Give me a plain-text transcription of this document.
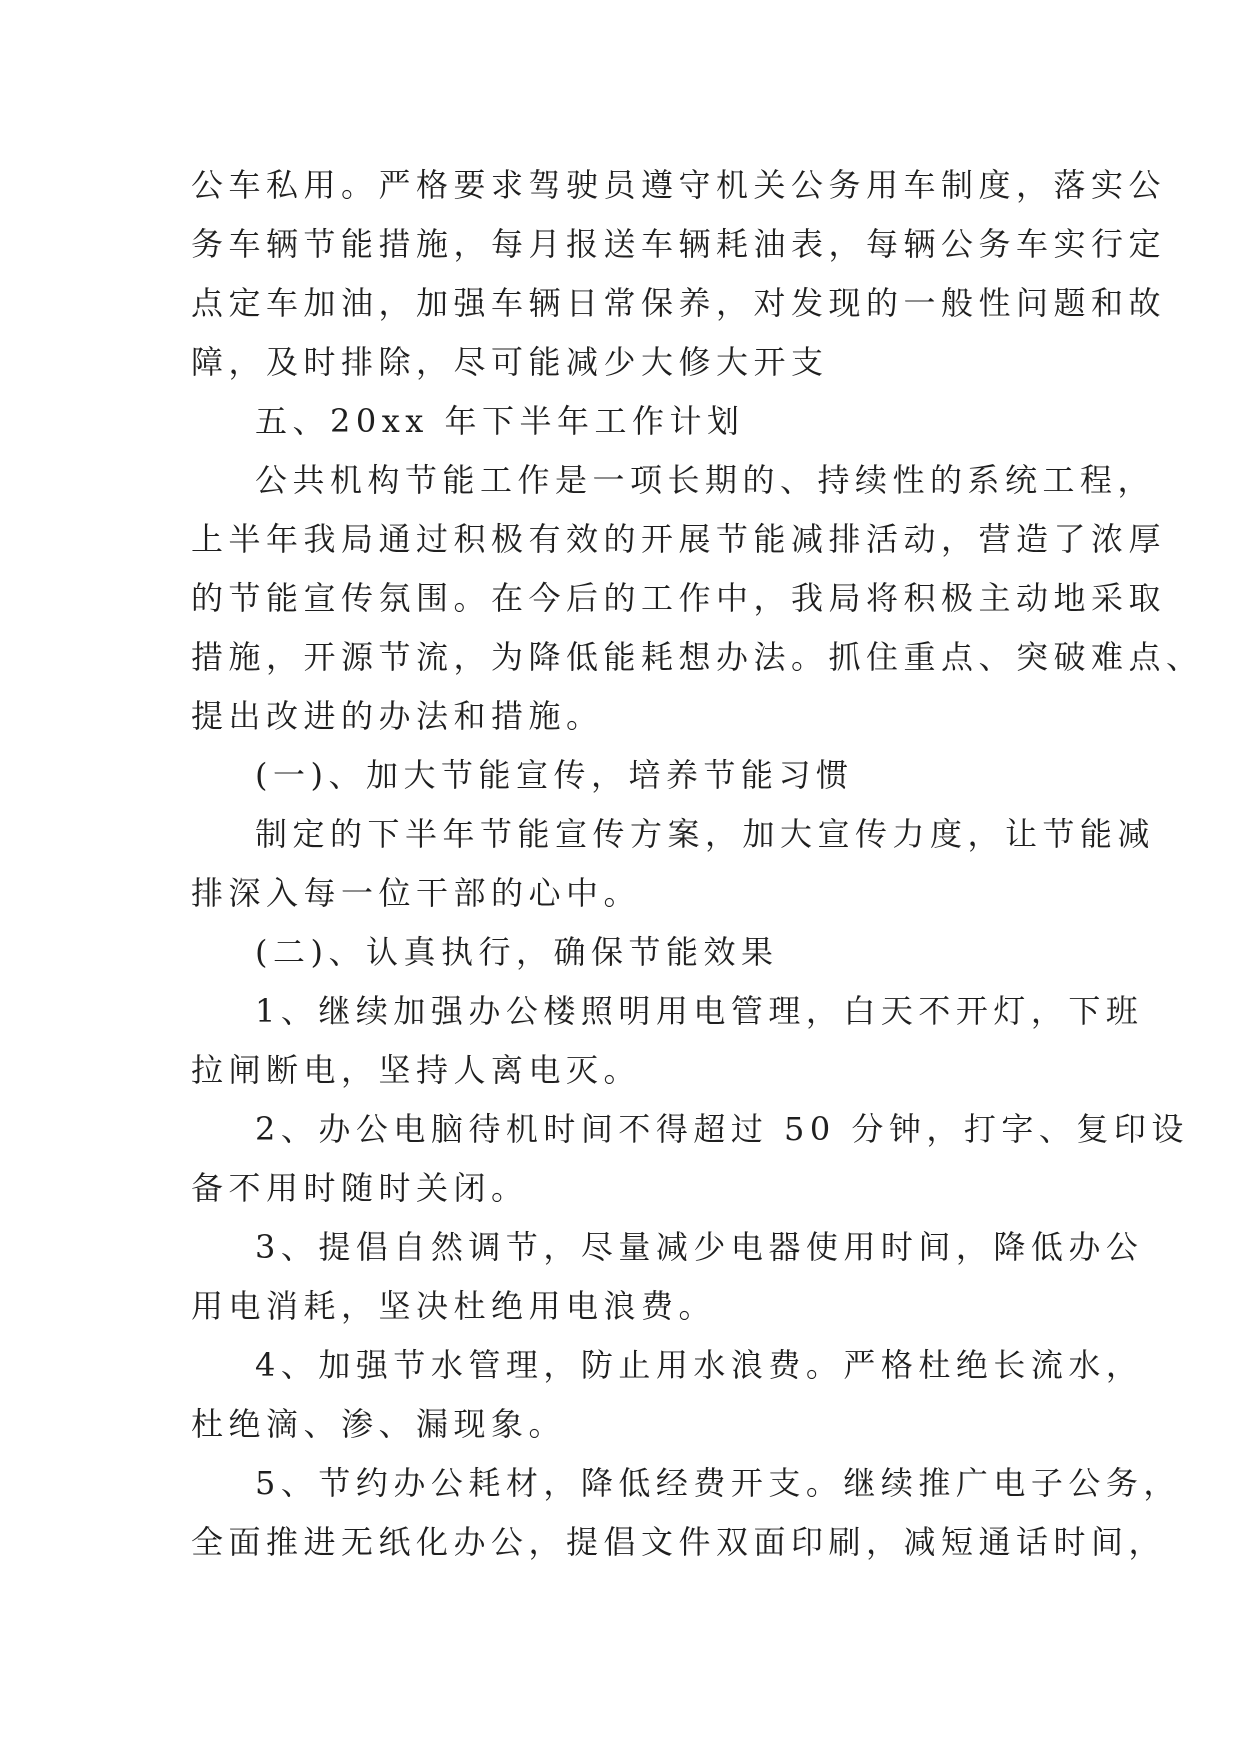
公车私用。严格要求驾驶员遵守机关公务用车制度，落实公

务车辆节能措施，每月报送车辆耗油表，每辆公务车实行定

点定车加油，加强车辆日常保养，对发现的一般性问题和故

障，及时排除，尽可能减少大修大开支

五、20xx 年下半年工作计划

公共机构节能工作是一项长期的、持续性的系统工程，

上半年我局通过积极有效的开展节能减排活动，营造了浓厚

的节能宣传氛围。在今后的工作中，我局将积极主动地采取

措施，开源节流，为降低能耗想办法。抓住重点、突破难点、

提出改进的办法和措施。

(一)、加大节能宣传，培养节能习惯

制定的下半年节能宣传方案，加大宣传力度，让节能减

排深入每一位干部的心中。

(二)、认真执行，确保节能效果

1、继续加强办公楼照明用电管理，白天不开灯，下班

拉闸断电，坚持人离电灭。

2、办公电脑待机时间不得超过 50 分钟，打字、复印设

备不用时随时关闭。

3、提倡自然调节，尽量减少电器使用时间，降低办公

用电消耗，坚决杜绝用电浪费。

4、加强节水管理，防止用水浪费。严格杜绝长流水，

杜绝滴、渗、漏现象。

5、节约办公耗材，降低经费开支。继续推广电子公务，

全面推进无纸化办公，提倡文件双面印刷，减短通话时间，
